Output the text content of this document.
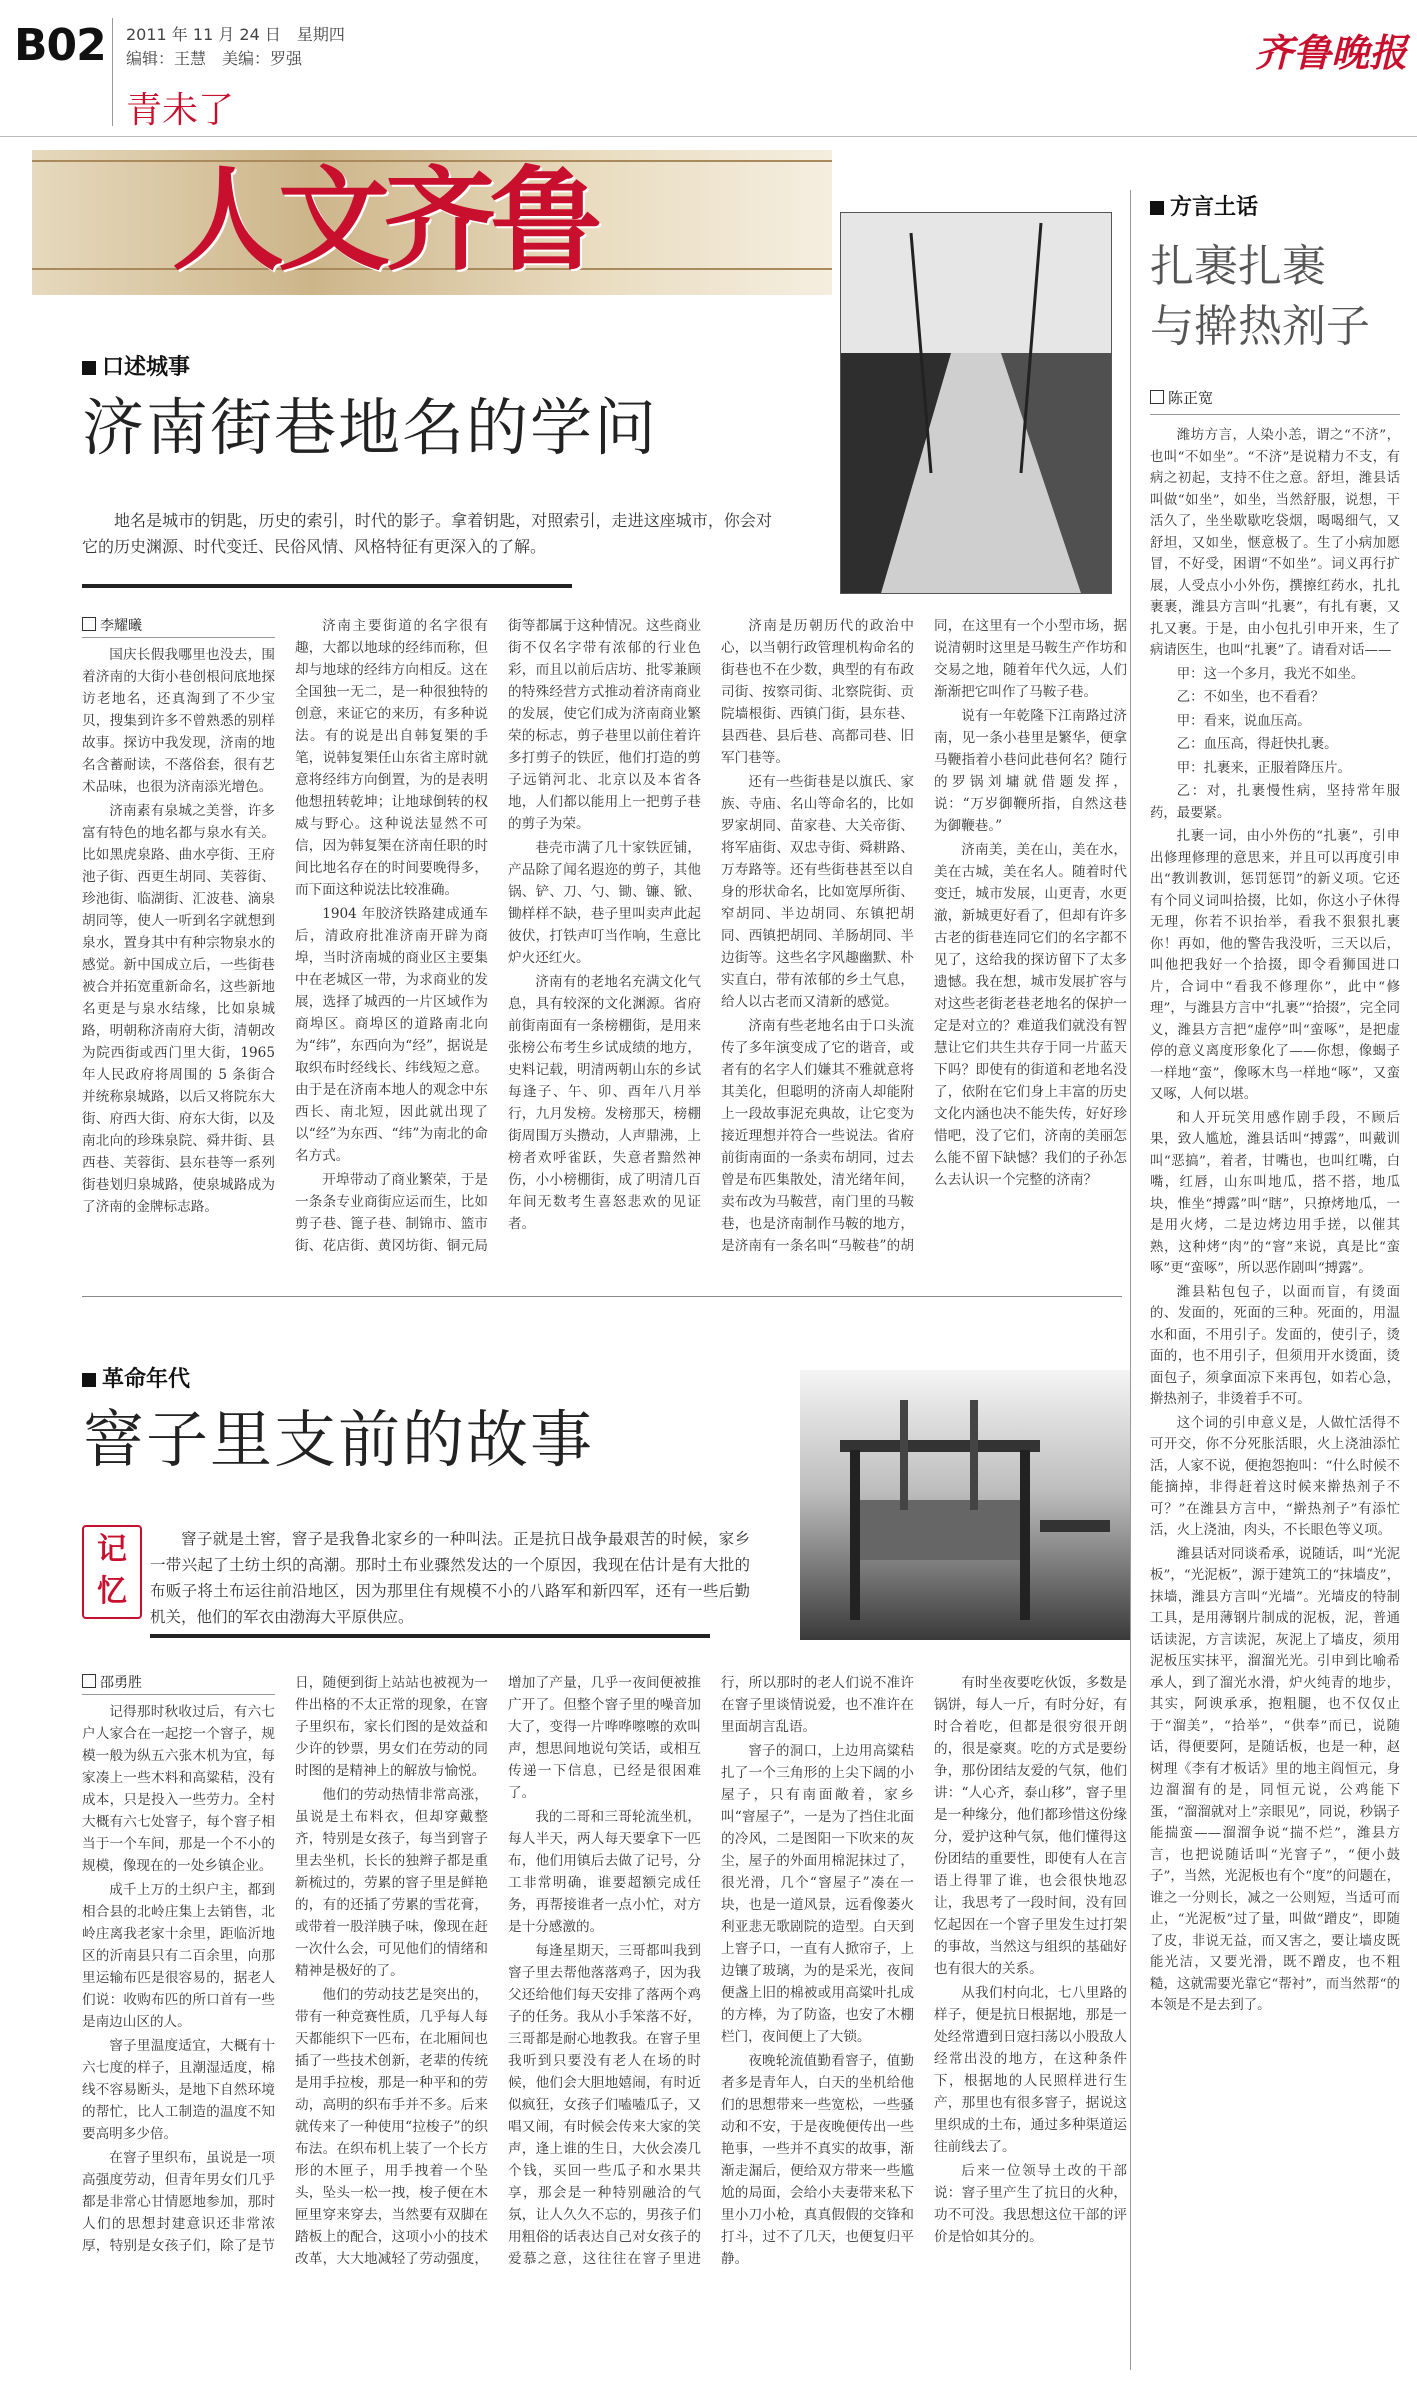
B02 2011 年 11 月 24 日　星期四
编辑：王慧　美编：罗强
青未了
齐鲁晚报
人文齐鲁	方言土话
扎裹扎裹
与擀热剂子
陈正宽

潍坊方言，人染小恙，谓之“不济”，也叫“不如坐”。“不济”是说精力不支，有病之初起，支持不住之意。舒坦，潍县话叫做“如坐”，如坐，当然舒服，说想，干活久了，坐坐歇歇吃袋烟，喝喝细气，又舒坦，又如坐，惬意极了。生了小病加愿冒，不好受，困谓“不如坐”。词义再行扩展，人受点小小外伤，撰擦红药水，扎扎裹裹，潍县方言叫“扎裹”，有扎有裹，又扎又裹。于是，由小包扎引申开来，生了病请医生，也叫“扎裹”了。请看对话——

甲：这一个多月，我光不如坐。

乙：不如坐，也不看看？

甲：看来，说血压高。

乙：血压高，得赶快扎裹。

甲：扎裹来，正服着降压片。

乙：对，扎裹慢性病，坚持常年服药，最要紧。

扎裹一词，由小外伤的“扎裹”，引申出修理修理的意思来，并且可以再度引申出“教训教训，惩罚惩罚”的新义项。它还有个同义词叫拾掇，比如，你这小子休得无理，你若不识抬举，看我不狠狠扎裹你！再如，他的警告我没听，三天以后，叫他把我好一个拾掇，即令看狮国进口片，合词中“看我不修理你”，此中“修理”，与潍县方言中“扎裹”“拾掇”，完全同义，潍县方言把“虚停”叫“蛮啄”，是把虚停的意义离度形象化了——你想，像蝎子一样地“蛮”，像啄木鸟一样地“啄”，又蛮又啄，人何以堪。

和人开玩笑用感作剧手段，不顾后果，致人尴尬，潍县话叫“搏露”，叫戴训叫“恶搞”，着者，甘嘴也，也叫红嘴，白嘴，红唇，山东叫地瓜，搭不搭，地瓜块，惟坐“搏露”叫“瞎”，只撩烤地瓜，一是用火烤，二是边烤边用手搓，以催其熟，这种烤“肉”的“窨”来说，真是比“蛮啄”更“蛮啄”，所以恶作剧叫“搏露”。

潍县粘包包子，以面而盲，有烫面的、发面的，死面的三种。死面的，用温水和面，不用引子。发面的，使引子，烫面的，也不用引子，但须用开水烫面，烫面包子，须拿面凉下来再包，如若心急，擀热剂子，非烫着手不可。

这个词的引申意义是，人做忙活得不可开交，你不分死胀活眼，火上浇油添忙活，人家不说，便抱怨抱叫：“什么时候不能摘掉，非得赶着这时候来擀热剂子不可？”在潍县方言中，“擀热剂子”有添忙活，火上浇油，肉头，不长眼色等义项。

潍县话对同谈希承，说随话，叫“光泥板”，“光泥板”，源于建筑工的“抹墙皮”，抹墙，潍县方言叫“光墙”。光墙皮的特制工具，是用薄钢片制成的泥板，泥，普通话读泥，方言读泥，灰泥上了墙皮，须用泥板压实抹平，溜溜光光。引申到比喻希承人，到了溜光水滑，炉火纯青的地步，其实，阿谀承承，抱粗腿，也不仅仅止于“溜美”，“拾举”，“供奉”而已，说随话，得便要阿，是随话板，也是一种，赵树理《李有才板话》里的地主阎恒元，身边溜溜有的是，同恒元说，公鸡能下蛋，“溜溜就对上”亲眼见”，同说，秒锅子能揣蛮——溜溜争说“揣不烂”，潍县方言，也把说随话叫“光窨子”，“便小鼓子”，当然，光泥板也有个“度”的问题在，谁之一分则长，减之一公则短，当适可而止，“光泥板”过了量，叫做“蹭皮”，即随了皮，非说无益，而又害之，要让墙皮既能光洁，又要光滑，既不蹭皮，也不粗糙，这就需要光靠它“帮衬”，而当然帮“的本领是不是去到了。

口述城事
济南街巷地名的学问
地名是城市的钥匙，历史的索引，时代的影子。拿着钥匙，对照索引，走进这座城市，你会对它的历史渊源、时代变迁、民俗风情、风格特征有更深入的了解。
李耀曦

国庆长假我哪里也没去，围着济南的大街小巷创根问底地探访老地名，还真淘到了不少宝贝，搜集到许多不曾熟悉的别样故事。探访中我发现，济南的地名含蓄耐读，不落俗套，很有艺术品味，也很为济南添光增色。

济南素有泉城之美誉，许多富有特色的地名都与泉水有关。比如黑虎泉路、曲水亭街、王府池子街、西更生胡同、芙蓉街、珍池街、临湖街、汇波巷、滴泉胡同等，使人一听到名字就想到泉水，置身其中有种宗物泉水的感觉。新中国成立后，一些街巷被合并拓宽重新命名，这些新地名更是与泉水结缘，比如泉城路，明朝称济南府大街，清朝改为院西街或西门里大街，1965 年人民政府将周围的 5 条街合并统称泉城路，以后又将院东大街、府西大街、府东大街，以及南北向的珍珠泉院、舜井街、县西巷、芙蓉街、县东巷等一系列街巷划归泉城路，使泉城路成为了济南的金牌标志路。

济南主要街道的名字很有趣，大都以地球的经纬而称，但却与地球的经纬方向相反。这在全国独一无二，是一种很独特的创意，来证它的来历，有多种说法。有的说是出自韩复榘的手笔，说韩复榘任山东省主席时就意将经纬方向倒置，为的是表明他想扭转乾坤；让地球倒转的权威与野心。这种说法显然不可信，因为韩复榘在济南任职的时间比地名存在的时间要晚得多，而下面这种说法比较准确。

1904 年胶济铁路建成通车后，清政府批准济南开辟为商埠，当时济南城的商业区主要集中在老城区一带，为求商业的发展，选择了城西的一片区域作为商埠区。商埠区的道路南北向为“纬”，东西向为“经”，据说是取织布时经线长、纬线短之意。由于是在济南本地人的观念中东西长、南北短，因此就出现了以“经”为东西、“纬”为南北的命名方式。

开埠带动了商业繁荣，于是一条条专业商街应运而生，比如剪子巷、篦子巷、制锦市、篮市街、花店街、黄冈坊街、铜元局街等都属于这种情况。这些商业街不仅名字带有浓郁的行业色彩，而且以前后店坊、批零兼顾的特殊经营方式推动着济南商业的发展，使它们成为济南商业繁荣的标志，剪子巷里以前住着许多打剪子的铁匠，他们打造的剪子远销河北、北京以及本省各地，人们都以能用上一把剪子巷的剪子为荣。

巷壳市满了几十家铁匠铺，产品除了闻名遐迩的剪子，其他锅、铲、刀、勺、锄、镰、锨、锄样样不缺，巷子里叫卖声此起彼伏，打铁声叮当作响，生意比炉火还红火。

济南有的老地名充满文化气息，具有较深的文化渊源。省府前街南面有一条榜棚街，是用来张榜公布考生乡试成绩的地方，史料记载，明清两朝山东的乡试每逢子、午、卯、酉年八月举行，九月发榜。发榜那天，榜棚街周围万头攒动，人声鼎沸，上榜者欢呼雀跃，失意者黯然神伤，小小榜棚街，成了明清几百年间无数考生喜怒悲欢的见证者。

济南是历朝历代的政治中心，以当朝行政管理机构命名的街巷也不在少数，典型的有布政司街、按察司街、北察院街、贡院墙根街、西镇门街，县东巷、县西巷、县后巷、高都司巷、旧军门巷等。

还有一些街巷是以旗氏、家族、寺庙、名山等命名的，比如罗家胡同、苗家巷、大关帝街、将军庙街、双忠寺街、舜耕路、万寿路等。还有些街巷甚至以自身的形状命名，比如宽厚所街、窄胡同、半边胡同、东镇把胡同、西镇把胡同、羊肠胡同、半边街等。这些名字风趣幽默、朴实直白，带有浓郁的乡土气息，给人以古老而又清新的感觉。

济南有些老地名由于口头流传了多年演变成了它的谐音，或者有的名字人们嫌其不雅就意将其美化，但聪明的济南人却能附上一段故事泥充典故，让它变为接近理想并符合一些说法。省府前街南面的一条卖布胡同，过去曾是布匹集散处，清光绪年间，卖布改为马鞍营，南门里的马鞍巷，也是济南制作马鞍的地方，是济南有一条名叫“马鞍巷”的胡同，在这里有一个小型市场，据说清朝时这里是马鞍生产作坊和交易之地，随着年代久远，人们渐渐把它叫作了马鞍子巷。

说有一年乾隆下江南路过济南，见一条小巷里是繁华，便拿马鞭指着小巷问此巷何名？随行的罗锅刘墉就借题发挥，说：“万岁御鞭所指，自然这巷为御鞭巷。”

济南美，美在山，美在水，美在古城，美在名人。随着时代变迁，城市发展，山更青，水更澈，新城更好看了，但却有许多古老的街巷连同它们的名字都不见了，这给我的探访留下了太多遗憾。我在想，城市发展扩容与对这些老街老巷老地名的保护一定是对立的？难道我们就没有智慧让它们共生共存于同一片蓝天下吗？即使有的街道和老地名没了，依附在它们身上丰富的历史文化内涵也决不能失传，好好珍惜吧，没了它们，济南的美丽怎么能不留下缺憾？我们的子孙怎么去认识一个完整的济南？

革命年代
窨子里支前的故事
记忆
窨子就是土窖，窨子是我鲁北家乡的一种叫法。正是抗日战争最艰苦的时候，家乡一带兴起了土纺土织的高潮。那时土布业骤然发达的一个原因，我现在估计是有大批的布贩子将土布运往前沿地区，因为那里住有规模不小的八路军和新四军，还有一些后勤机关，他们的军衣由渤海大平原供应。
邵勇胜

记得那时秋收过后，有六七户人家合在一起挖一个窨子，规模一般为纵五六张木机为宜，每家凑上一些木料和高粱秸，没有成本，只是投入一些劳力。全村大概有六七处窨子，每个窨子相当于一个车间，那是一个不小的规模，像现在的一处乡镇企业。

成千上万的土织户主，都到相合县的北岭庄集上去销售，北岭庄离我老家十余里，距临沂地区的沂南县只有二百余里，向那里运输布匹是很容易的，据老人们说：收购布匹的所口首有一些是南边山区的人。

窨子里温度适宜，大概有十六七度的样子，且潮湿适度，棉线不容易断头，是地下自然环境的帮忙，比人工制造的温度不知要高明多少倍。

在窨子里织布，虽说是一项高强度劳动，但青年男女们几乎都是非常心甘情愿地参加，那时人们的思想封建意识还非常浓厚，特别是女孩子们，除了是节日，随便到街上站站也被视为一件出格的不太正常的现象，在窨子里织布，家长们图的是效益和少许的钞票，男女们在劳动的同时图的是精神上的解放与愉悦。

他们的劳动热情非常高涨，虽说是土布料衣，但却穿戴整齐，特别是女孩子，每当到窨子里去坐机，长长的独辫子都是重新梳过的，劳累的窨子里是鲜艳的，有的还插了劳累的雪花膏，或带着一股洋胰子味，像现在赶一次什么会，可见他们的情绪和精神是极好的了。

他们的劳动技艺是突出的，带有一种竞赛性质，几乎每人每天都能织下一匹布，在北厢间也插了一些技术创新，老辈的传统是用手拉梭，那是一种平和的劳动，高明的织布手并不多。后来就传来了一种使用“拉梭子”的织布法。在织布机上装了一个长方形的木匣子，用手拽着一个坠头，坠头一松一拽，梭子便在木匣里穿来穿去，当然要有双脚在踏板上的配合，这项小小的技术改革，大大地减轻了劳动强度，增加了产量，几乎一夜间便被推广开了。但整个窨子里的噪音加大了，变得一片哗哗嚓嚓的欢叫声，想思间地说句笑话，或相互传递一下信息，已经是很困难了。

我的二哥和三哥轮流坐机，每人半天，两人每天要拿下一匹布，他们用镇后去做了记号，分工非常明确，谁要超额完成任务，再帮接谁者一点小忙，对方是十分感激的。

每逢星期天，三哥都叫我到窨子里去帮他落落鸡子，因为我父还给他们每天安排了落两个鸡子的任务。我从小手笨落不好，三哥都是耐心地教我。在窨子里我听到只要没有老人在场的时候，他们会大胆地嬉闹，有时近似疯狂，女孩子们嗑嗑瓜子，又唱又闹，有时候会传来大家的笑声，逢上谁的生日，大伙会凑几个钱，买回一些瓜子和水果共享，那会是一种特别融洽的气氛，让人久久不忘的，男孩子们用粗俗的话表达自己对女孩子的爱慕之意，这往往在窨子里进行，所以那时的老人们说不准许在窨子里谈情说爱，也不准许在里面胡言乱语。

窨子的洞口，上边用高粱秸扎了一个三角形的上尖下阔的小屋子，只有南面敞着，家乡叫“窨屋子”，一是为了挡住北面的冷风，二是图阳一下吹来的灰尘，屋子的外面用棉泥抹过了，很光滑，几个“窨屋子”凑在一块，也是一道风景，远看像萎火利亚悲无歌剧院的造型。白天到上窨子口，一直有人掀帘子，上边镶了玻璃，为的是采光，夜间便盏上旧的棉被或用高粱叶扎成的方棒，为了防盗，也安了木棚栏门，夜间便上了大锁。

夜晚轮流值勤看窨子，值勤者多是青年人，白天的坐机给他们的思想带来一些宽松，一些骚动和不安，于是夜晚便传出一些艳事，一些并不真实的故事，渐渐走漏后，便给双方带来一些尴尬的局面，会给小夫妻带来私下里小刀小枪，真真假假的交锋和打斗，过不了几天，也便复归平静。

有时坐夜要吃伙饭，多数是锅饼，每人一斤，有时分好，有时合着吃，但都是很穷很开朗的，很是豪爽。吃的方式是要纷争，那份团结友爱的气氛，他们讲：“人心齐，泰山移”，窨子里是一种缘分，他们都珍惜这份缘分，爱护这种气氛，他们懂得这份团结的重要性，即使有人在言语上得罪了谁，也会很快地忍让，我思考了一段时间，没有回忆起因在一个窨子里发生过打架的事故，当然这与组织的基础好也有很大的关系。

从我们村向北，七八里路的样子，便是抗日根据地，那是一处经常遭到日寇扫荡以小股敌人经常出没的地方，在这种条件下，根据地的人民照样进行生产，那里也有很多窨子，据说这里织成的土布，通过多种渠道运往前线去了。

后来一位领导土改的干部说：窨子里产生了抗日的火种，功不可没。我思想这位干部的评价是恰如其分的。
